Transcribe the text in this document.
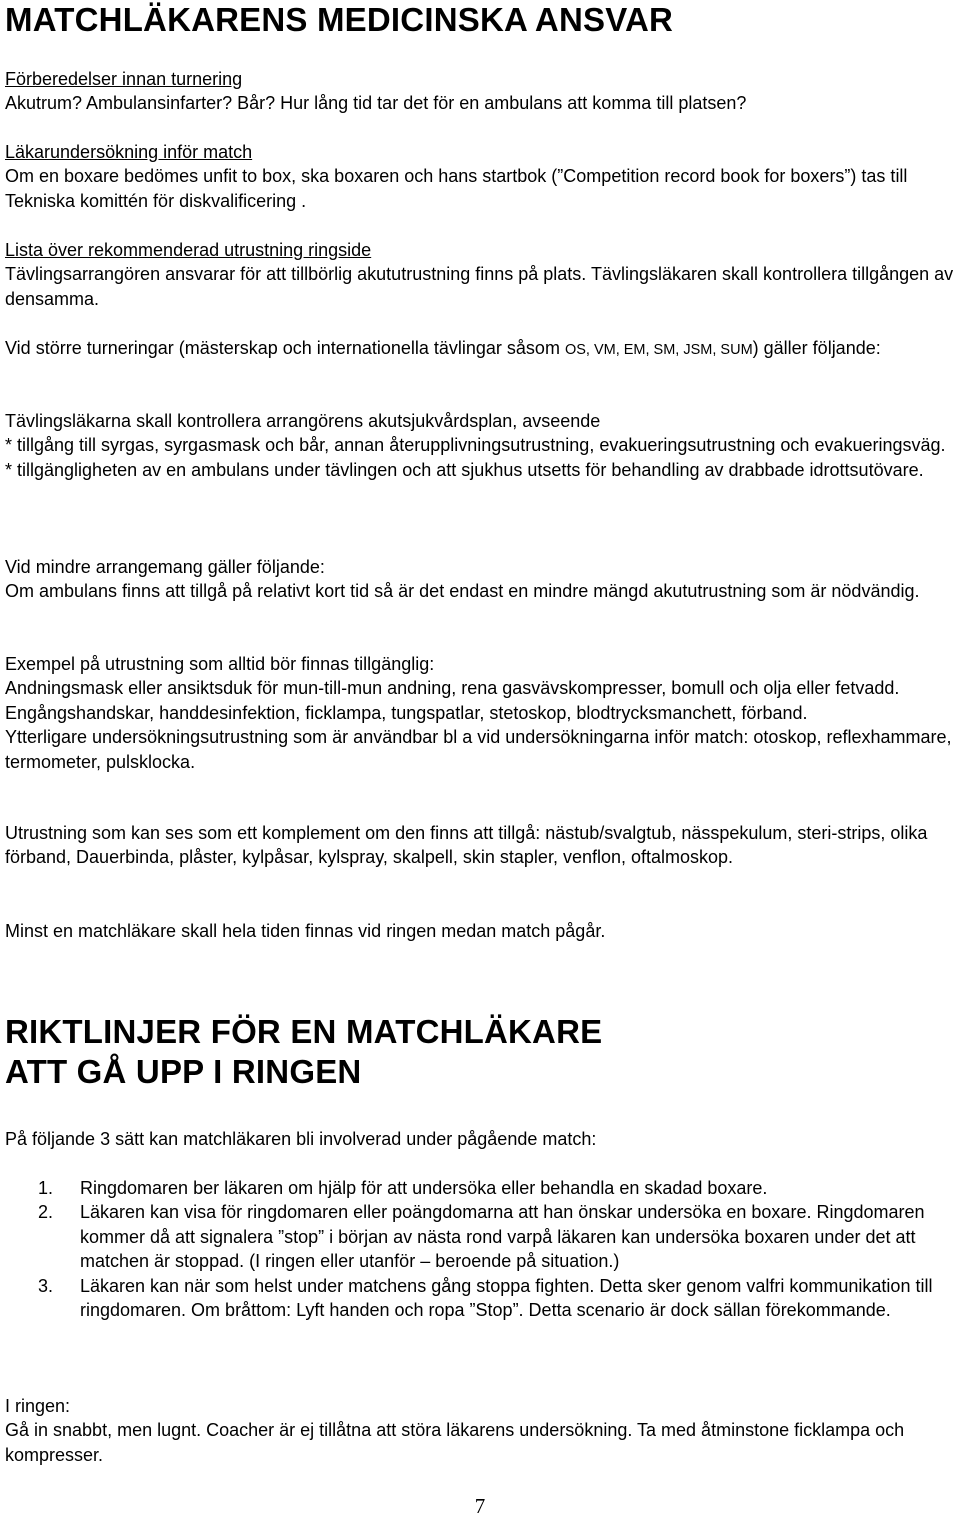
MATCHLÄKARENS MEDICINSKA ANSVAR

Förberedelser innan turnering

Akutrum? Ambulansinfarter? Bår? Hur lång tid tar det för en ambulans att komma till platsen?

Läkarundersökning inför match

Om en boxare bedömes unfit to box, ska boxaren och hans startbok (”Competition record book for boxers”) tas till Tekniska komittén för diskvalificering .

Lista över rekommenderad utrustning ringside

Tävlingsarrangören ansvarar för att tillbörlig akututrustning finns på plats. Tävlingsläkaren skall kontrollera tillgången av densamma.

Vid större turneringar (mästerskap och internationella tävlingar såsom OS, VM, EM, SM, JSM, SUM) gäller följande:

Tävlingsläkarna skall kontrollera arrangörens akutsjukvårdsplan, avseende

* tillgång till syrgas, syrgasmask och bår, annan återupplivningsutrustning, evakueringsutrustning och evakueringsväg.

* tillgängligheten av en ambulans under tävlingen och att sjukhus utsetts för behandling av drabbade idrottsutövare.

Vid mindre arrangemang gäller följande:

Om ambulans finns att tillgå på relativt kort tid så är det endast en mindre mängd akututrustning som är nödvändig.

Exempel på utrustning som alltid bör finnas tillgänglig:

Andningsmask eller ansiktsduk för mun-till-mun andning, rena gasvävskompresser, bomull och olja eller fetvadd.

Engångshandskar, handdesinfektion, ficklampa, tungspatlar, stetoskop, blodtrycksmanchett, förband.

Ytterligare undersökningsutrustning som är användbar bl a vid undersökningarna inför match: otoskop, reflexhammare, termometer, pulsklocka.

Utrustning som kan ses som ett komplement om den finns att tillgå: nästub/svalgtub, nässpekulum, steri-strips, olika förband, Dauerbinda, plåster, kylpåsar, kylspray, skalpell, skin stapler, venflon, oftalmoskop.

Minst en matchläkare skall hela tiden finnas vid ringen medan match pågår.

RIKTLINJER FÖR EN MATCHLÄKARE
ATT GÅ UPP I RINGEN

På följande 3 sätt kan matchläkaren bli involverad under pågående match:

1. Ringdomaren ber läkaren om hjälp för att undersöka eller behandla en skadad boxare.
2. Läkaren kan visa för ringdomaren eller poängdomarna att han önskar undersöka en boxare. Ringdomaren kommer då att signalera ”stop” i början av nästa rond varpå läkaren kan undersöka boxaren under det att matchen är stoppad. (I ringen eller utanför – beroende på situation.)
3. Läkaren kan när som helst under matchens gång stoppa fighten. Detta sker genom valfri kommunikation till ringdomaren. Om bråttom: Lyft handen och ropa ”Stop”. Detta scenario är dock sällan förekommande.

I ringen:

Gå in snabbt, men lugnt. Coacher är ej tillåtna att störa läkarens undersökning. Ta med åtminstone ficklampa och kompresser.

7
